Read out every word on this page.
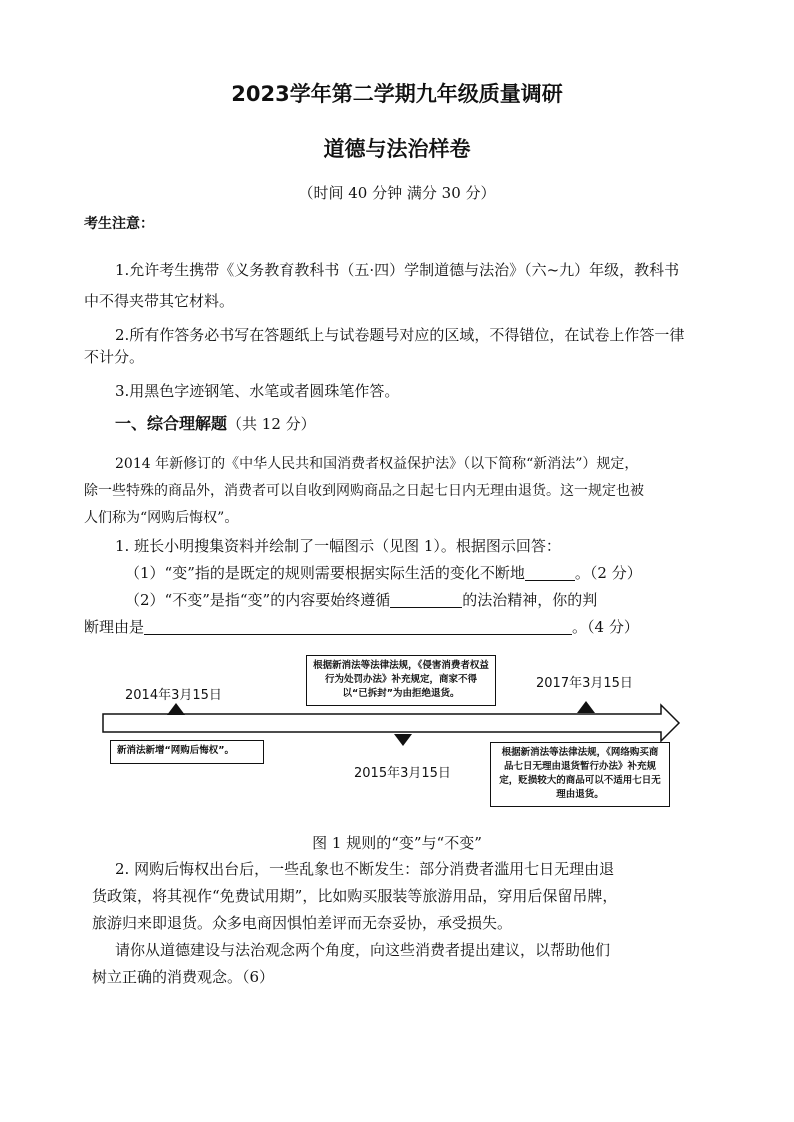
2023学年第二学期九年级质量调研
道德与法治样卷
（时间 40 分钟 满分 30 分）
考生注意：
1.允许考生携带《义务教育教科书（五·四）学制道德与法治》（六~九）年级，教科书
中不得夹带其它材料。
2.所有作答务必书写在答题纸上与试卷题号对应的区域，不得错位，在试卷上作答一律
不计分。
3.用黑色字迹钢笔、水笔或者圆珠笔作答。
一、综合理解题（共 12 分）
2014 年新修订的《中华人民共和国消费者权益保护法》（以下简称“新消法”）规定，
除一些特殊的商品外，消费者可以自收到网购商品之日起七日内无理由退货。这一规定也被
人们称为“网购后悔权”。
1. 班长小明搜集资料并绘制了一幅图示（见图 1）。根据图示回答：
（1）“变”指的是既定的规则需要根据实际生活的变化不断地	。（2 分）
（2）“不变”是指“变”的内容要始终遵循	的法治精神，你的判
断理由是	。（4 分）
2014年3月15日
2015年3月15日
2017年3月15日
新消法新增“网购后悔权”。
根据新消法等法律法规，《侵害消费者权益行为处罚办法》补充规定，商家不得以“已拆封”为由拒绝退货。
根据新消法等法律法规，《网络购买商品七日无理由退货暂行办法》补充规定，贬损较大的商品可以不适用七日无理由退货。
图 1 规则的“变”与“不变”
2. 网购后悔权出台后，一些乱象也不断发生：部分消费者滥用七日无理由退
货政策，将其视作“免费试用期”，比如购买服装等旅游用品，穿用后保留吊牌，
旅游归来即退货。众多电商因惧怕差评而无奈妥协，承受损失。
请你从道德建设与法治观念两个角度，向这些消费者提出建议，以帮助他们
树立正确的消费观念。（6）
